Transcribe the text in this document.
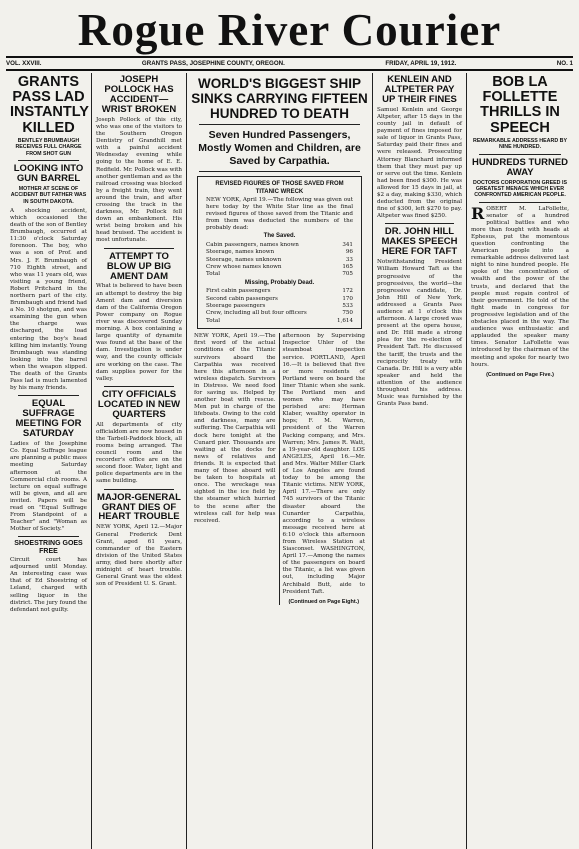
Rogue River Courier
VOL. XXVIII.	GRANTS PASS, JOSEPHINE COUNTY, OREGON.	FRIDAY, APRIL 19, 1912.	NO. 1
GRANTS PASS LAD INSTANTLY KILLED
BENTLEY BRUMBAUGH RECEIVES FULL CHARGE FROM SHOT GUN
LOOKING INTO GUN BARREL
MOTHER AT SCENE OF ACCIDENT BUT FATHER WAS IN SOUTH DAKOTA.
A shocking accident, which occasioned the death of the son of Bentley Brumbaugh, occurred at 11:30 o'clock Saturday forenoon. The boy, who was a son of Prof. and Mrs. J. F. Brumbaugh of 710 Eighth street, and who was 11 years old, was visiting a young friend, Robert Pritchard in the northern part of the city. Brumbaugh and friend had a No. 10 shotgun, and was examining the gun when the charge was discharged, the load entering the boy's head killing him instantly. Young Brumbaugh was standing looking into the barrel when the weapon slipped. The death of the Grants Pass lad is much lamented by his many friends.
EQUAL SUFFRAGE MEETING FOR SATURDAY
Ladies of the Josephine Co. Equal Suffrage league are planning a public mass meeting Saturday afternoon at the Commercial club rooms. A lecture on equal suffrage will be given, and all are invited. Papers will be read on "Equal Suffrage From Standpoint of a Teacher" and "Woman as Mother of Society."
SHOESTRING GOES FREE
Circuit court has adjourned until Monday. An interesting case was that of Ed Shoestring of Leland, charged with selling liquor in the district. The jury found the defendant not guilty.
JOSEPH POLLOCK HAS ACCIDENT—WRIST BROKEN
Joseph Pollock of this city, who was one of the visitors to the Southern Oregon Dentistry of Grandhill met with a painful accident Wednesday evening while going to the home of E. E. Redfield. Mr. Pollock was with another gentleman and as the railroad crossing was blocked by a freight train, they went around the train, and after crossing the track in the darkness, Mr. Pollock fell down an embankment. His wrist being broken and his head bruised. The accident is most unfortunate.
ATTEMPT TO BLOW UP BIG AMENT DAM
What is believed to have been an attempt to destroy the big Ament dam and diversion dam of the California Oregon Power company on Rogue river was discovered Sunday morning. A box containing a large quantity of dynamite was found at the base of the dam. Investigation is under way, and the county officials are working on the case. The dam supplies power for the valley.
CITY OFFICIALS LOCATED IN NEW QUARTERS
All departments of city officialdom are now housed in the Tarbell-Paddock block, all rooms being arranged. The council room and the recorder's office are on the second floor. Water, light and police departments are in the same building.
MAJOR-GENERAL GRANT DIES OF HEART TROUBLE
NEW YORK, April 12.—Major General Frederick Dent Grant, aged 61 years, commander of the Eastern division of the United States army, died here shortly after midnight of heart trouble. General Grant was the eldest son of President U. S. Grant.
WORLD'S BIGGEST SHIP SINKS CARRYING FIFTEEN HUNDRED TO DEATH
Seven Hundred Passengers, Mostly Women and Children, are Saved by Carpathia.
REVISED FIGURES OF THOSE SAVED FROM TITANIC WRECK
NEW YORK, April 19.—The following was given out here today by the White Star line as the final revised figures of those saved from the Titanic and from them was deducted the numbers of the probably dead:
The Saved.
Cabin passengers, names known	341
Steerage, names known	96
Steerage, names unknown	33
Crew whose names known	165
Total	705
Missing, Probably Dead.
First cabin passengers	172
Second cabin passengers	170
Steerage passengers	533
Crew, including all but four officers	750
Total	1,614
NEW YORK, April 19.—The first word of the actual conditions of the Titanic survivors aboard the Carpathia was received here this afternoon in a wireless dispatch. Survivors in Distress. We need food for saving us. Helped by another boat with rescue. Men put in charge of the lifeboats. Owing to the cold and darkness, many are suffering. The Carpathia will dock here tonight at the Cunard pier. Thousands are waiting at the docks for news of relatives and friends. It is expected that many of those aboard will be taken to hospitals at once. The wreckage was sighted in the ice field by the steamer which hurried to the scene after the wireless call for help was received.
afternoon by Supervising Inspector Uhler of the steamboat inspection service. PORTLAND, April 16.—It is believed that five or more residents of Portland were on board the liner Titanic when she sank. The Portland men and women who may have perished are: Herman Klaber, wealthy operator in hops; F. M. Warren, president of the Warren Packing company, and Mrs. Warren; Mrs. James R. Watt, a 19-year-old daughter. LOS ANGELES, April 16.—Mr. and Mrs. Walter Miller Clark of Los Angeles are found today to be among the Titanic victims. NEW YORK, April 17.—There are only 745 survivors of the Titanic disaster aboard the Cunarder Carpathia, according to a wireless message received here at 6:10 o'clock this afternoon from Wireless Station at Siasconset. WASHINGTON, April 17.—Among the names of the passengers on board the Titanic, a list was given out, including Major Archibald Butt, aide to President Taft.
(Continued on Page Eight.)
KENLEIN AND ALTPETER PAY UP THEIR FINES
Samuel Kenlein and George Altpeter, after 15 days in the county jail in default of payment of fines imposed for sale of liquor in Grants Pass, Saturday paid their fines and were released. Prosecuting Attorney Blanchard informed them that they must pay up or serve out the time. Kenlein had been fined $300. He was allowed for 15 days in jail, at $2 a day, making $330, which deducted from the original fine of $300, left $270 to pay. Altpeter was fined $250.
DR. JOHN HILL MAKES SPEECH HERE FOR TAFT
Notwithstanding President William Howard Taft as the progressive of the progressives, the world—the progressive candidate, Dr. John Hill of New York, addressed a Grants Pass audience at 1 o'clock this afternoon. A large crowd was present at the opera house, and Dr. Hill made a strong plea for the re-election of President Taft. He discussed the tariff, the trusts and the reciprocity treaty with Canada. Dr. Hill is a very able speaker and held the attention of the audience throughout his address. Music was furnished by the Grants Pass band.
BOB LA FOLLETTE THRILLS IN SPEECH
REMARKABLE ADDRESS HEARD BY NINE HUNDRED.
HUNDREDS TURNED AWAY
DOCTORS CORPORATION GREED IS GREATEST MENACE WHICH EVER CONFRONTED AMERICAN PEOPLE.
ROBERT M. LaFollette, senator of a hundred political battles and who more than fought with heads at Ephesus, put the momentous question confronting the American people into a remarkable address delivered last night to nine hundred people. He spoke of the concentration of wealth and the power of the trusts, and declared that the people must regain control of their government. He told of the fight made in congress for progressive legislation and of the obstacles placed in the way. The audience was enthusiastic and applauded the speaker many times. Senator LaFollette was introduced by the chairman of the meeting and spoke for nearly two hours.
(Continued on Page Five.)
